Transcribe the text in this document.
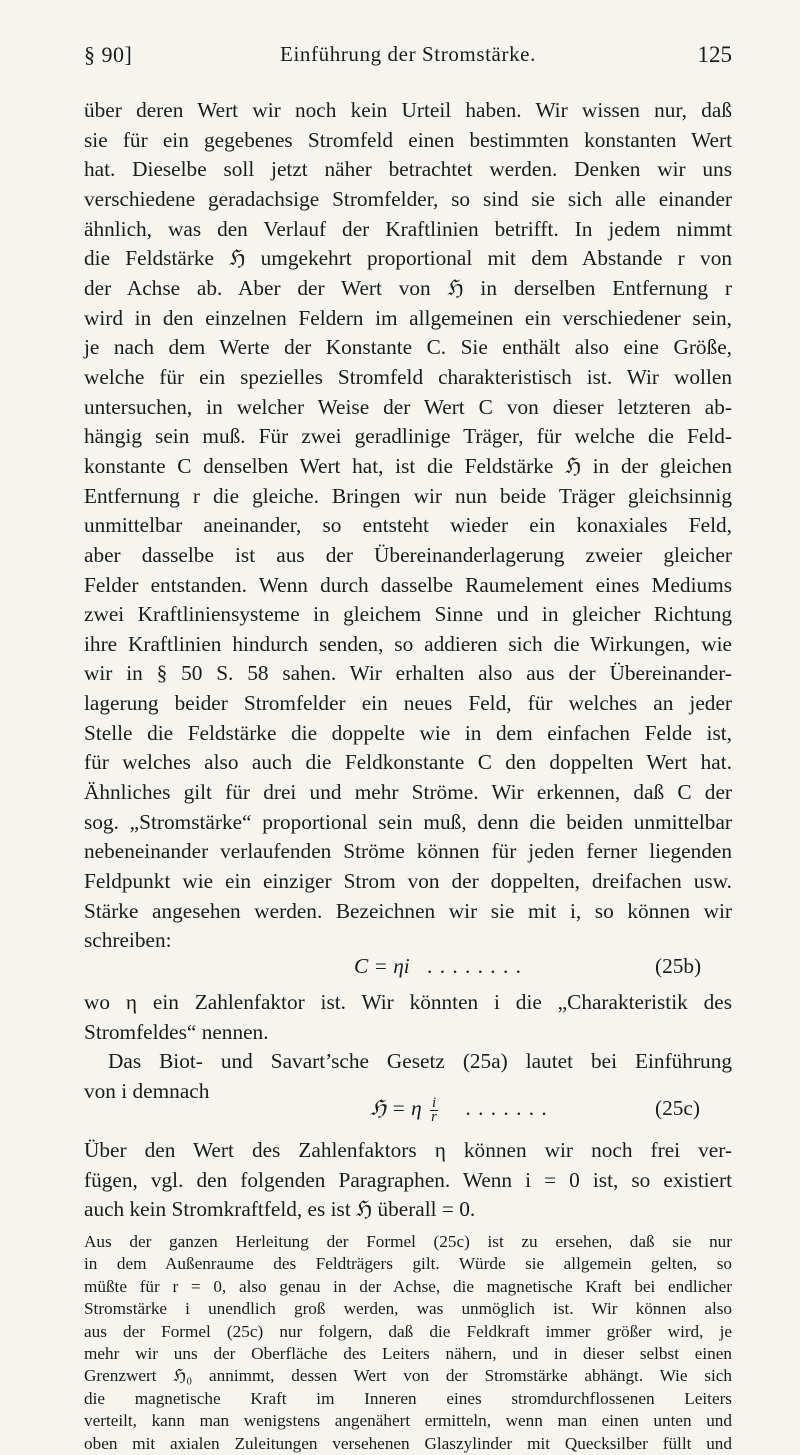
§ 90]	Einführung der Stromstärke.	125
über deren Wert wir noch kein Urteil haben. Wir wissen nur, daß
sie für ein gegebenes Stromfeld einen bestimmten konstanten Wert
hat. Dieselbe soll jetzt näher betrachtet werden. Denken wir uns
verschiedene geradachsige Stromfelder, so sind sie sich alle einander
ähnlich, was den Verlauf der Kraftlinien betrifft. In jedem nimmt
die Feldstärke ℌ umgekehrt proportional mit dem Abstande r von
der Achse ab. Aber der Wert von ℌ in derselben Entfernung r
wird in den einzelnen Feldern im allgemeinen ein verschiedener sein,
je nach dem Werte der Konstante C. Sie enthält also eine Größe,
welche für ein spezielles Stromfeld charakteristisch ist. Wir wollen
untersuchen, in welcher Weise der Wert C von dieser letzteren ab-
hängig sein muß. Für zwei geradlinige Träger, für welche die Feld-
konstante C denselben Wert hat, ist die Feldstärke ℌ in der gleichen
Entfernung r die gleiche. Bringen wir nun beide Träger gleichsinnig
unmittelbar aneinander, so entsteht wieder ein konaxiales Feld,
aber dasselbe ist aus der Übereinanderlagerung zweier gleicher
Felder entstanden. Wenn durch dasselbe Raumelement eines Mediums
zwei Kraftliniensysteme in gleichem Sinne und in gleicher Richtung
ihre Kraftlinien hindurch senden, so addieren sich die Wirkungen, wie
wir in § 50 S. 58 sahen. Wir erhalten also aus der Übereinander-
lagerung beider Stromfelder ein neues Feld, für welches an jeder
Stelle die Feldstärke die doppelte wie in dem einfachen Felde ist,
für welches also auch die Feldkonstante C den doppelten Wert hat.
Ähnliches gilt für drei und mehr Ströme. Wir erkennen, daß C der
sog. „Stromstärke“ proportional sein muß, denn die beiden unmittelbar
nebeneinander verlaufenden Ströme können für jeden ferner liegenden
Feldpunkt wie ein einziger Strom von der doppelten, dreifachen usw.
Stärke angesehen werden. Bezeichnen wir sie mit i, so können wir
schreiben:
C = ηi . . . . . . . .	(25b)
wo η ein Zahlenfaktor ist. Wir könnten i die „Charakteristik des
Stromfeldes“ nennen.
Das Biot- und Savart’sche Gesetz (25a) lautet bei Einführung
von i demnach
ℌ = η $\frac{i}{r}$ . . . . . . .	(25c)
Über den Wert des Zahlenfaktors η können wir noch frei ver-
fügen, vgl. den folgenden Paragraphen. Wenn i = 0 ist, so existiert
auch kein Stromkraftfeld, es ist ℌ überall = 0.
Aus der ganzen Herleitung der Formel (25c) ist zu ersehen, daß sie nur
in dem Außenraume des Feldträgers gilt. Würde sie allgemein gelten, so
müßte für r = 0, also genau in der Achse, die magnetische Kraft bei endlicher
Stromstärke i unendlich groß werden, was unmöglich ist. Wir können also
aus der Formel (25c) nur folgern, daß die Feldkraft immer größer wird, je
mehr wir uns der Oberfläche des Leiters nähern, und in dieser selbst einen
Grenzwert ℌ₀ annimmt, dessen Wert von der Stromstärke abhängt. Wie sich
die magnetische Kraft im Inneren eines stromdurchflossenen Leiters
verteilt, kann man wenigstens angenähert ermitteln, wenn man einen unten und
oben mit axialen Zuleitungen versehenen Glaszylinder mit Quecksilber füllt und
